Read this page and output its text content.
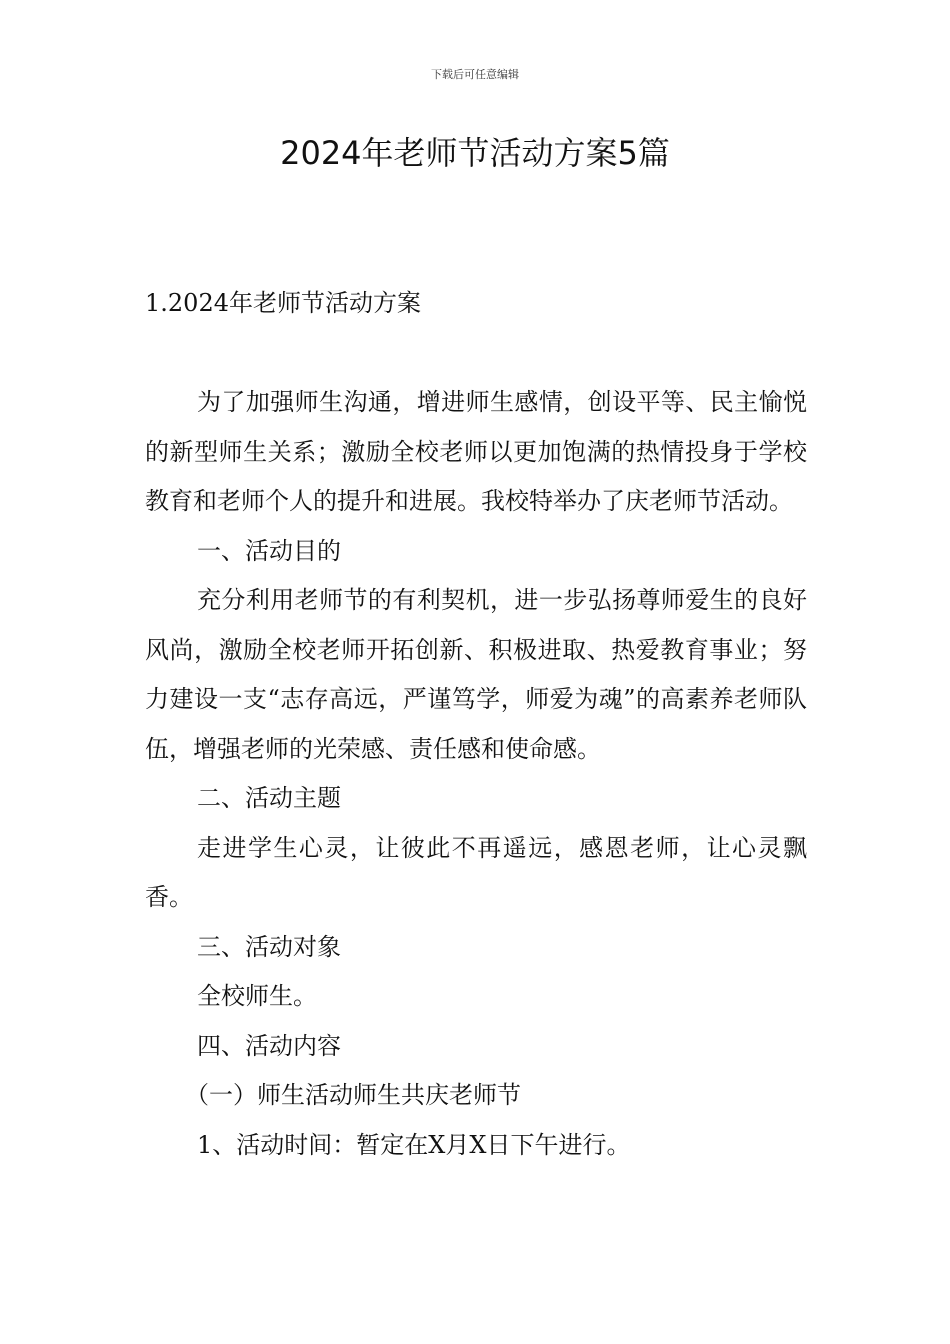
下载后可任意编辑
2024年老师节活动方案5篇
1.2024年老师节活动方案

为了加强师生沟通，增进师生感情，创设平等、民主愉悦的新型师生关系；激励全校老师以更加饱满的热情投身于学校教育和老师个人的提升和进展。我校特举办了庆老师节活动。

一、活动目的

充分利用老师节的有利契机，进一步弘扬尊师爱生的良好风尚，激励全校老师开拓创新、积极进取、热爱教育事业；努力建设一支“志存高远，严谨笃学，师爱为魂”的高素养老师队伍，增强老师的光荣感、责任感和使命感。

二、活动主题

走进学生心灵，让彼此不再遥远，感恩老师，让心灵飘香。

三、活动对象

全校师生。

四、活动内容

（一）师生活动师生共庆老师节

1、活动时间：暂定在X月X日下午进行。
